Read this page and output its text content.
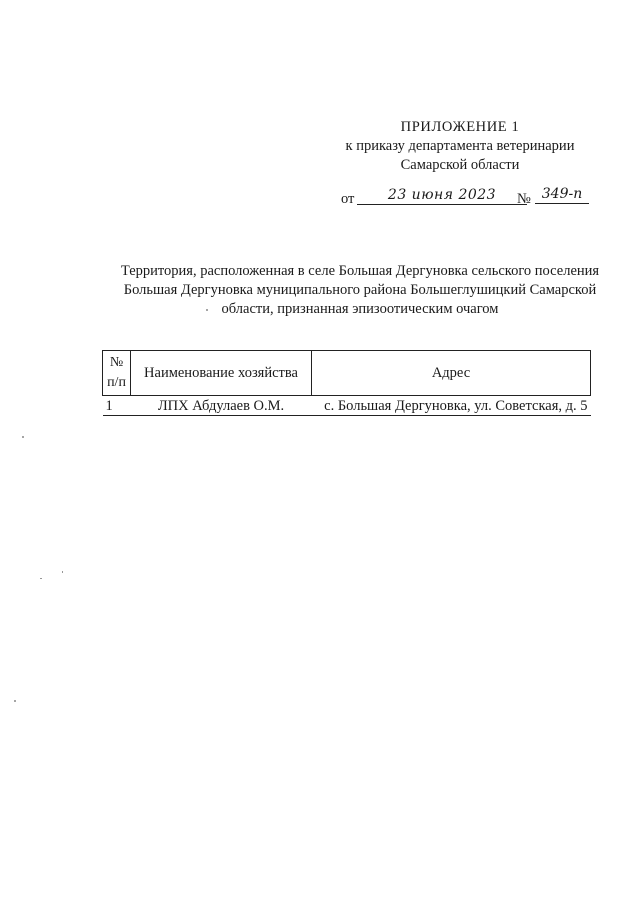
ПРИЛОЖЕНИЕ 1
к приказу департамента ветеринарии
Самарской области
от	23 июня 2023	№ 349-п
Территория, расположенная в селе Большая Дергуновка сельского поселения
Большая Дергуновка муниципального района Большеглушицкий Самарской
области, признанная эпизоотическим очагом
№
п/п	Наименование хозяйства	Адрес
1	ЛПХ Абдулаев О.М.	с. Большая Дергуновка, ул. Советская, д. 5
